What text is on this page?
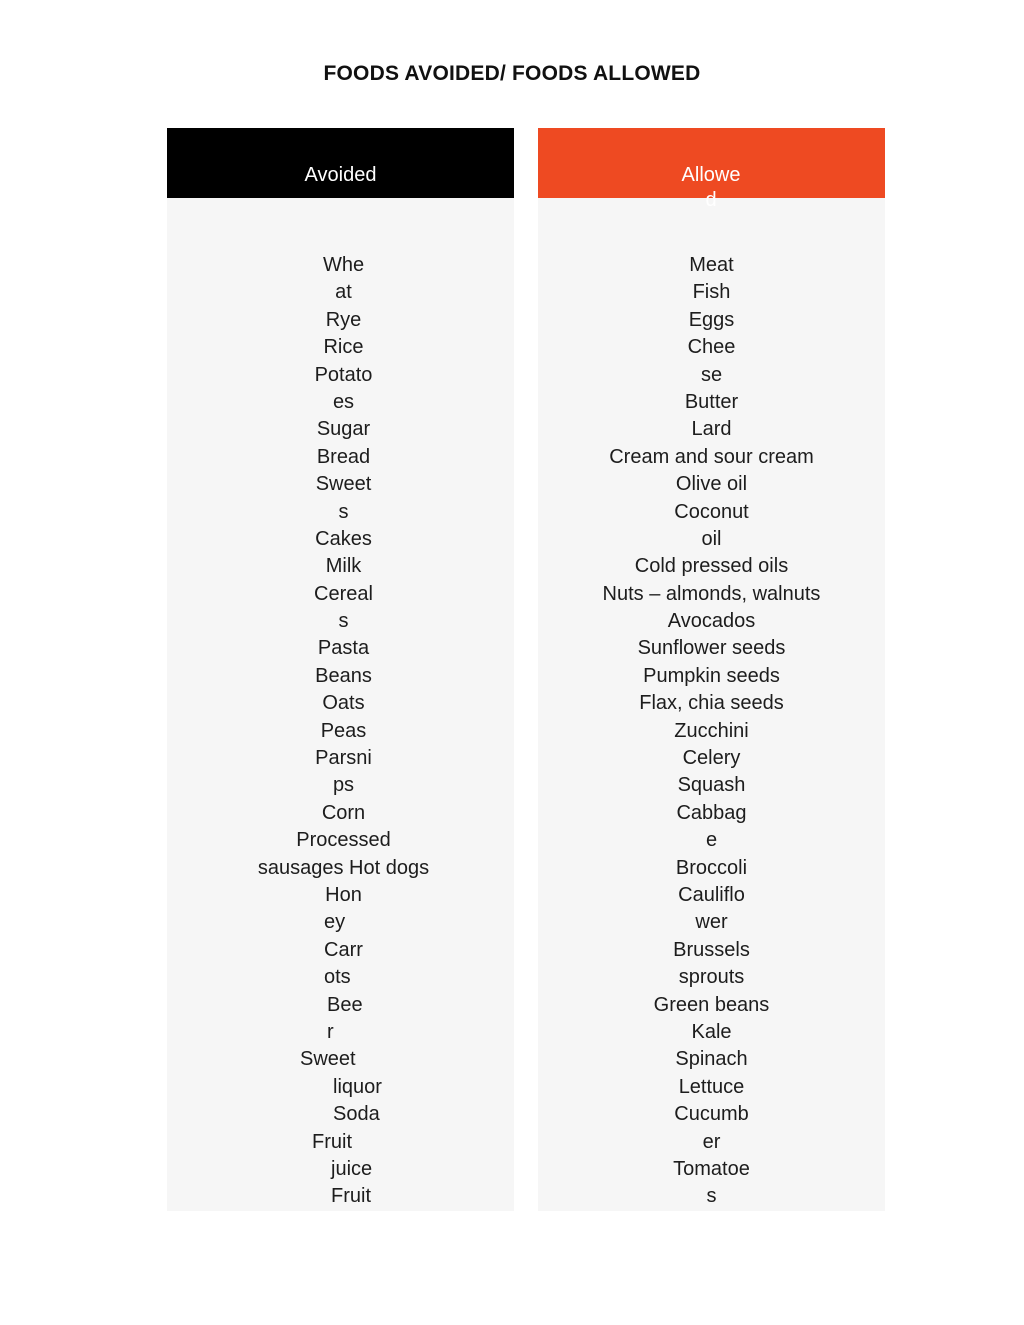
FOODS AVOIDED/ FOODS ALLOWED
Avoided
Whe
at
Rye
Rice
Potato
es
Sugar
Bread
Sweet
s
Cakes
Milk
Cereal
s
Pasta
Beans
Oats
Peas
Parsni
ps
Corn
Processed
sausages Hot dogs
Hon
ey
Carr
ots
Bee
r
Sweet
liquor
Soda
Fruit
juice
Fruit
Allowed
Meat
Fish
Eggs
Chee
se
Butter
Lard
Cream and sour cream
Olive oil
Coconut
oil
Cold pressed oils
Nuts – almonds, walnuts
Avocados
Sunflower seeds
Pumpkin seeds
Flax, chia seeds
Zucchini
Celery
Squash
Cabbag
e
Broccoli
Cauliflo
wer
Brussels
sprouts
Green beans
Kale
Spinach
Lettuce
Cucumb
er
Tomatoe
s
